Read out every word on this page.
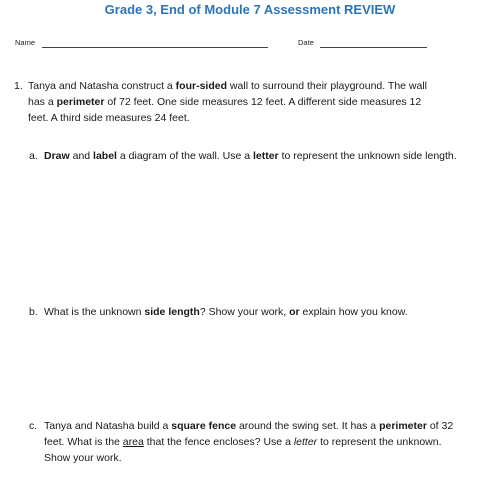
Grade 3, End of Module 7 Assessment REVIEW
Name	Date
1. Tanya and Natasha construct a four-sided wall to surround their playground. The wall has a perimeter of 72 feet. One side measures 12 feet. A different side measures 12 feet. A third side measures 24 feet.
a. Draw and label a diagram of the wall. Use a letter to represent the unknown side length.
b. What is the unknown side length? Show your work, or explain how you know.
c. Tanya and Natasha build a square fence around the swing set. It has a perimeter of 32 feet. What is the area that the fence encloses? Use a letter to represent the unknown. Show your work.
